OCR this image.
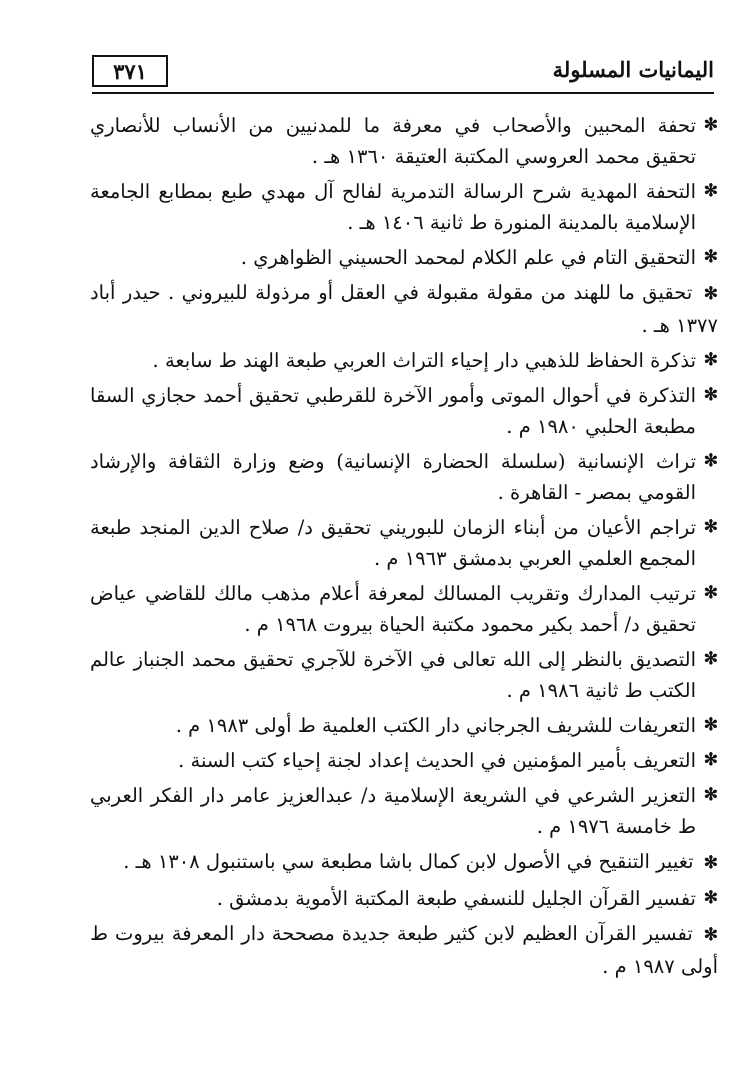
٣٧١	اليمانيات المسلولة
✻
تحفة المحبين والأصحاب في معرفة ما للمدنيين من الأنساب للأنصاري تحقيق محمد العروسي المكتبة العتيقة ١٣٦٠ هـ .
✻
التحفة المهدية شرح الرسالة التدمرية لفالح آل مهدي طبع بمطابع الجامعة الإسلامية بالمدينة المنورة ط ثانية ١٤٠٦ هـ .
✻
التحقيق التام في علم الكلام لمحمد الحسيني الظواهري .
✻ تحقيق ما للهند من مقولة مقبولة في العقل أو مرذولة للبيروني . حيدر أباد ١٣٧٧ هـ .
✻
تذكرة الحفاظ للذهبي دار إحياء التراث العربي طبعة الهند ط سابعة .
✻
التذكرة في أحوال الموتى وأمور الآخرة للقرطبي تحقيق أحمد حجازي السقا مطبعة الحلبي ١٩٨٠ م .
✻
تراث الإنسانية (سلسلة الحضارة الإنسانية) وضع وزارة الثقافة والإرشاد القومي بمصر - القاهرة .
✻
تراجم الأعيان من أبناء الزمان للبوريني تحقيق د/ صلاح الدين المنجد طبعة المجمع العلمي العربي بدمشق ١٩٦٣ م .
✻
ترتيب المدارك وتقريب المسالك لمعرفة أعلام مذهب مالك للقاضي عياض تحقيق د/ أحمد بكير محمود مكتبة الحياة بيروت ١٩٦٨ م .
✻
التصديق بالنظر إلى الله تعالى في الآخرة للآجري تحقيق محمد الجنباز عالم الكتب ط ثانية ١٩٨٦ م .
✻
التعريفات للشريف الجرجاني دار الكتب العلمية ط أولى ١٩٨٣ م .
✻
التعريف بأمير المؤمنين في الحديث إعداد لجنة إحياء كتب السنة .
✻
التعزير الشرعي في الشريعة الإسلامية د/ عبدالعزيز عامر دار الفكر العربي ط خامسة ١٩٧٦ م .
✻ تغيير التنقيح في الأصول لابن كمال باشا مطبعة سي باستنبول ١٣٠٨ هـ .
✻
تفسير القرآن الجليل للنسفي طبعة المكتبة الأموية بدمشق .
✻ تفسير القرآن العظيم لابن كثير طبعة جديدة مصححة دار المعرفة بيروت ط أولى ١٩٨٧ م .
